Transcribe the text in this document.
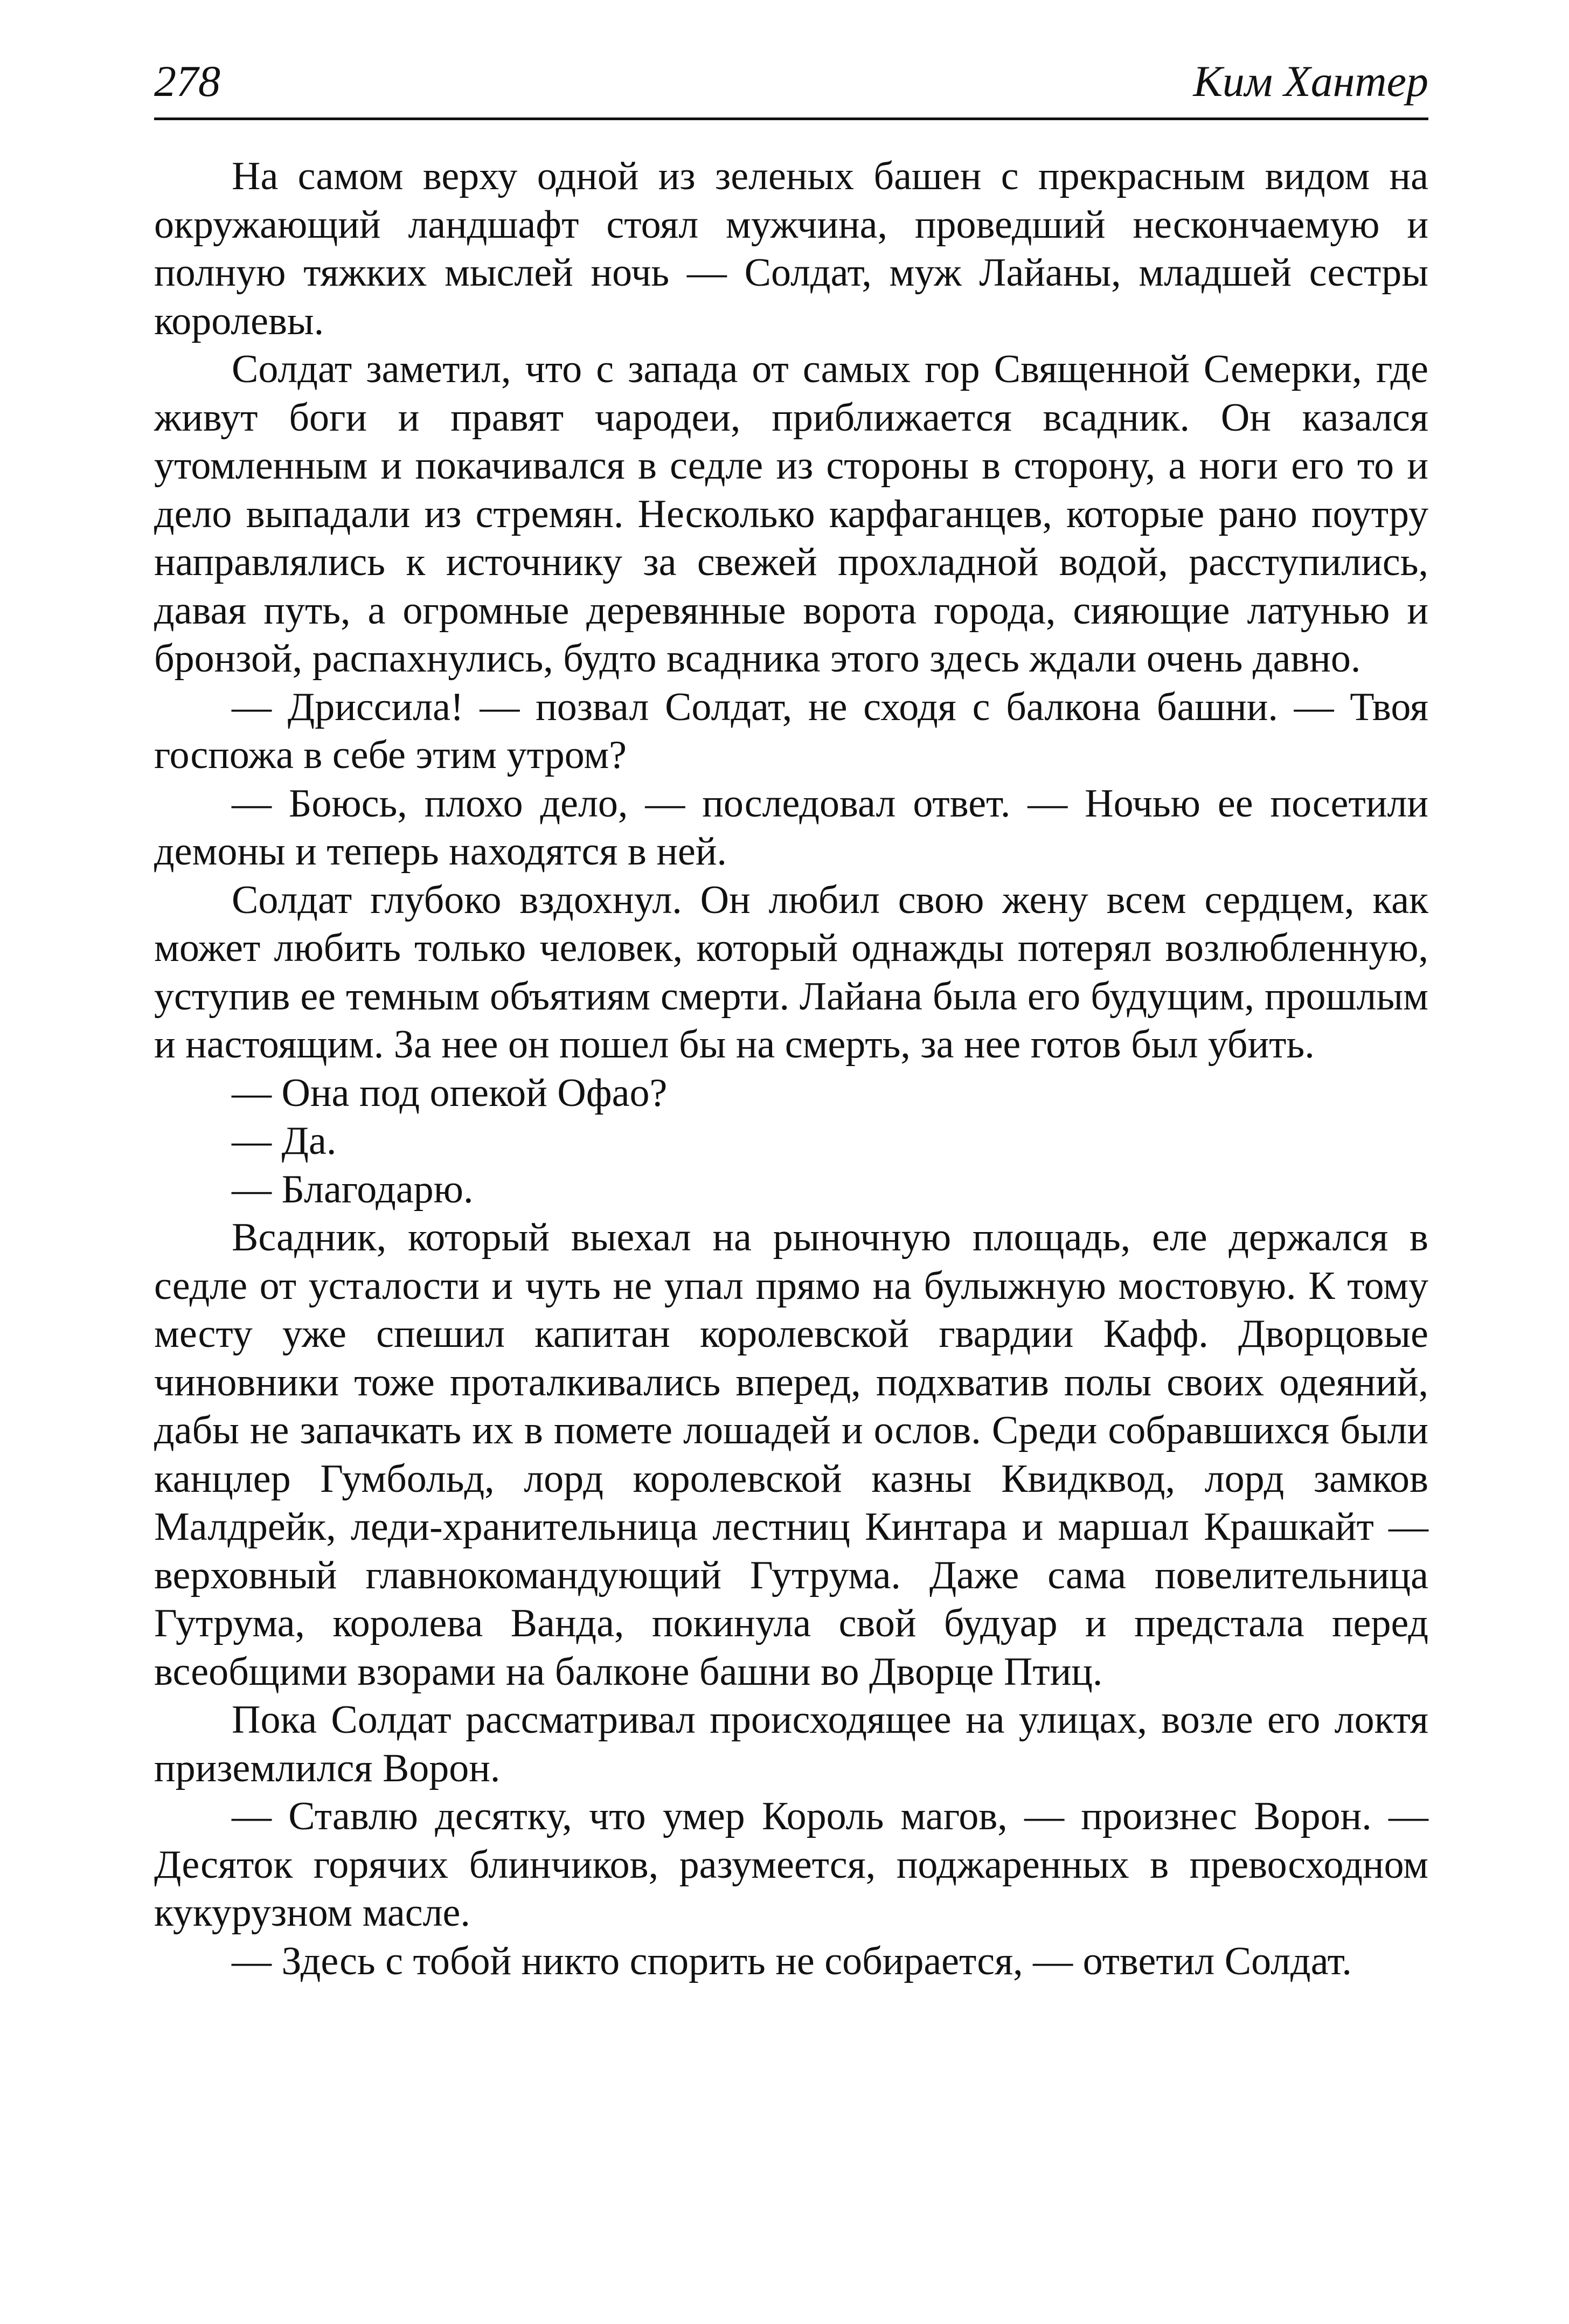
278	Ким Хантер

На самом верху одной из зеленых башен с прекрасным видом на окружающий ландшафт стоял мужчина, проведший нескончаемую и полную тяжких мыслей ночь — Солдат, муж Лайаны, младшей сестры королевы.

Солдат заметил, что с запада от самых гор Священной Семерки, где живут боги и правят чародеи, приближается всадник. Он казался утомленным и покачивался в седле из стороны в сторону, а ноги его то и дело выпадали из стремян. Несколько карфаганцев, которые рано поутру направлялись к источнику за свежей прохладной водой, расступились, давая путь, а огромные деревянные ворота города, сияющие латунью и бронзой, распахнулись, будто всадника этого здесь ждали очень давно.

— Дриссила! — позвал Солдат, не сходя с балкона башни. — Твоя госпожа в себе этим утром?

— Боюсь, плохо дело, — последовал ответ. — Ночью ее посетили демоны и теперь находятся в ней.

Солдат глубоко вздохнул. Он любил свою жену всем сердцем, как может любить только человек, который однажды потерял возлюбленную, уступив ее темным объятиям смерти. Лайана была его будущим, прошлым и настоящим. За нее он пошел бы на смерть, за нее готов был убить.

— Она под опекой Офао?

— Да.

— Благодарю.

Всадник, который выехал на рыночную площадь, еле держался в седле от усталости и чуть не упал прямо на булыжную мостовую. К тому месту уже спешил капитан королевской гвардии Кафф. Дворцовые чиновники тоже проталкивались вперед, подхватив полы своих одеяний, дабы не запачкать их в помете лошадей и ослов. Среди собравшихся были канцлер Гумбольд, лорд королевской казны Квидквод, лорд замков Малдрейк, леди-хранительница лестниц Кинтара и маршал Крашкайт — верховный главнокомандующий Гутрума. Даже сама повелительница Гутрума, королева Ванда, покинула свой будуар и предстала перед всеобщими взорами на балконе башни во Дворце Птиц.

Пока Солдат рассматривал происходящее на улицах, возле его локтя приземлился Ворон.

— Ставлю десятку, что умер Король магов, — произнес Ворон. — Десяток горячих блинчиков, разумеется, поджаренных в превосходном кукурузном масле.

— Здесь с тобой никто спорить не собирается, — ответил Солдат.
